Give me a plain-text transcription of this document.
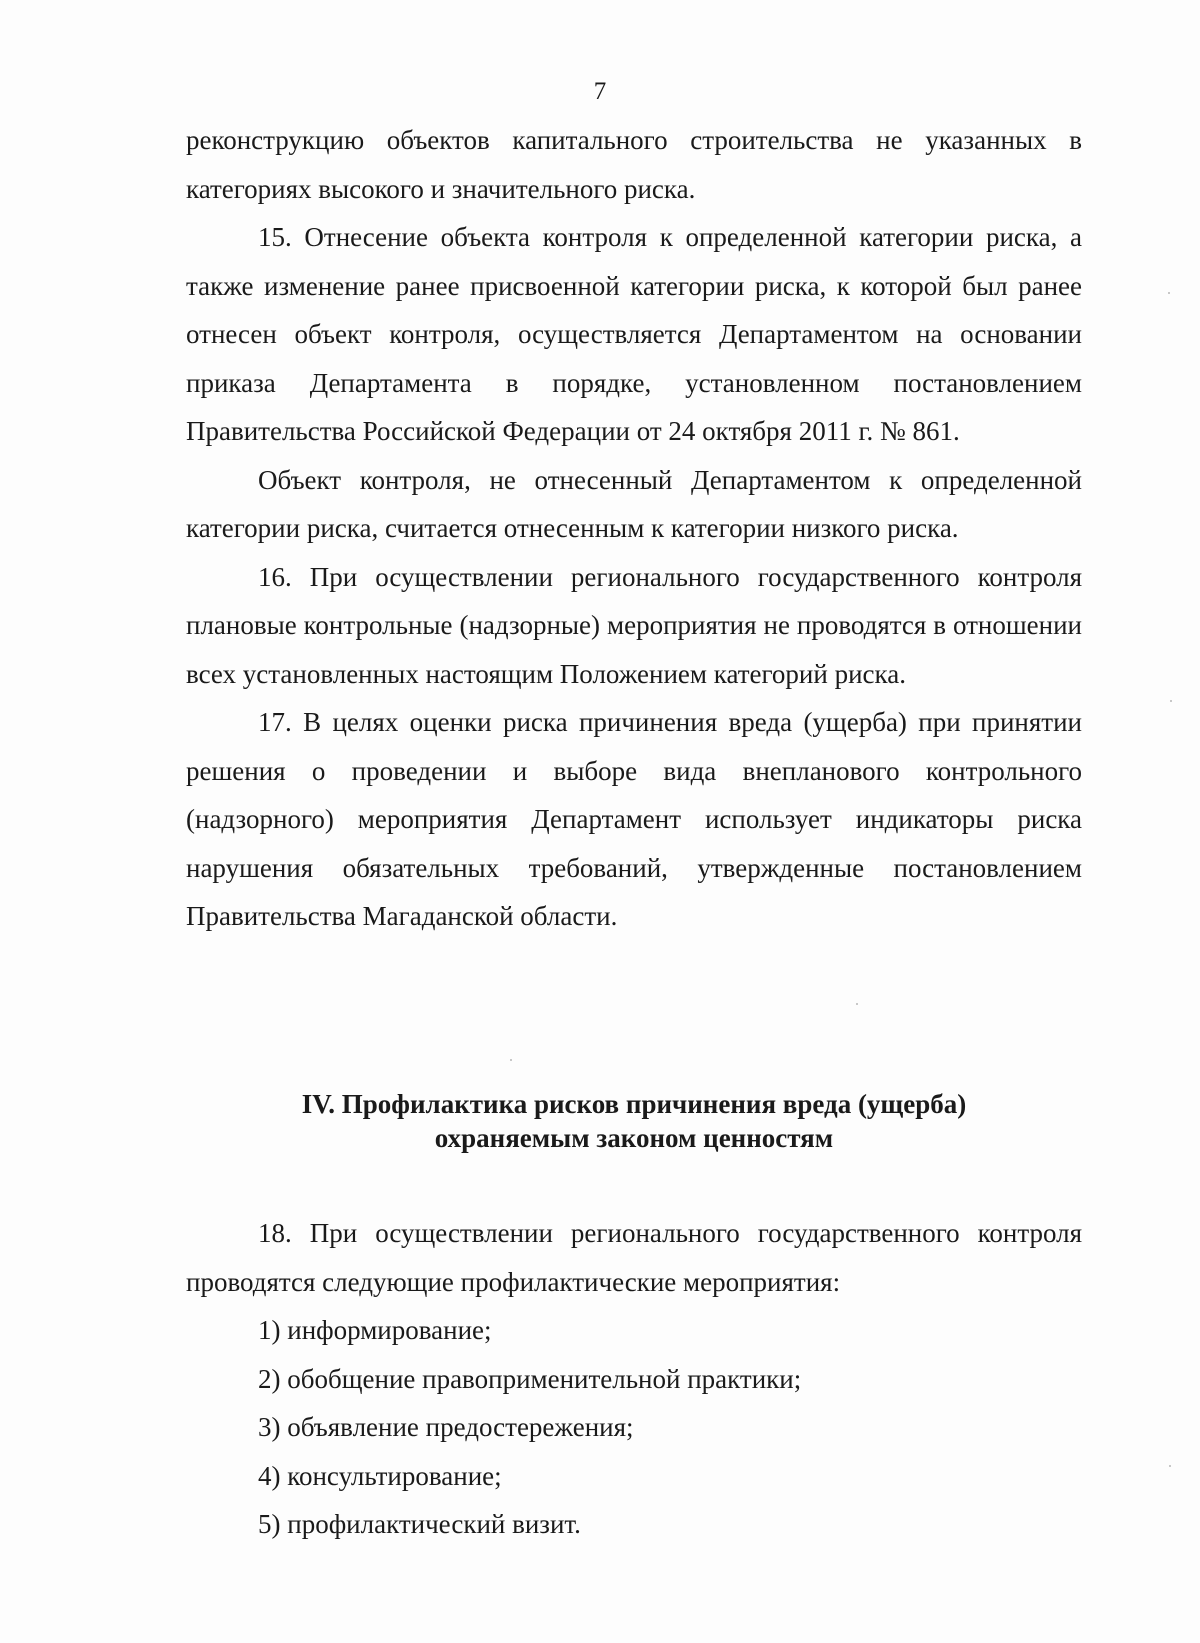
7

реконструкцию объектов капитального строительства не указанных в категориях высокого и значительного риска.

15. Отнесение объекта контроля к определенной категории риска, а также изменение ранее присвоенной категории риска, к которой был ранее отнесен объект контроля, осуществляется Департаментом на основании приказа Департамента в порядке, установленном постановлением Правительства Российской Федерации от 24 октября 2011 г. № 861.

Объект контроля, не отнесенный Департаментом к определенной категории риска, считается отнесенным к категории низкого риска.

16. При осуществлении регионального государственного контроля плановые контрольные (надзорные) мероприятия не проводятся в отношении всех установленных настоящим Положением категорий риска.

17. В целях оценки риска причинения вреда (ущерба) при принятии решения о проведении и выборе вида внепланового контрольного (надзорного) мероприятия Департамент использует индикаторы риска нарушения обязательных требований, утвержденные постановлением Правительства Магаданской области.

IV. Профилактика рисков причинения вреда (ущерба)
охраняемым законом ценностям

18. При осуществлении регионального государственного контроля проводятся следующие профилактические мероприятия:

1) информирование;

2) обобщение правоприменительной практики;

3) объявление предостережения;

4) консультирование;

5) профилактический визит.
